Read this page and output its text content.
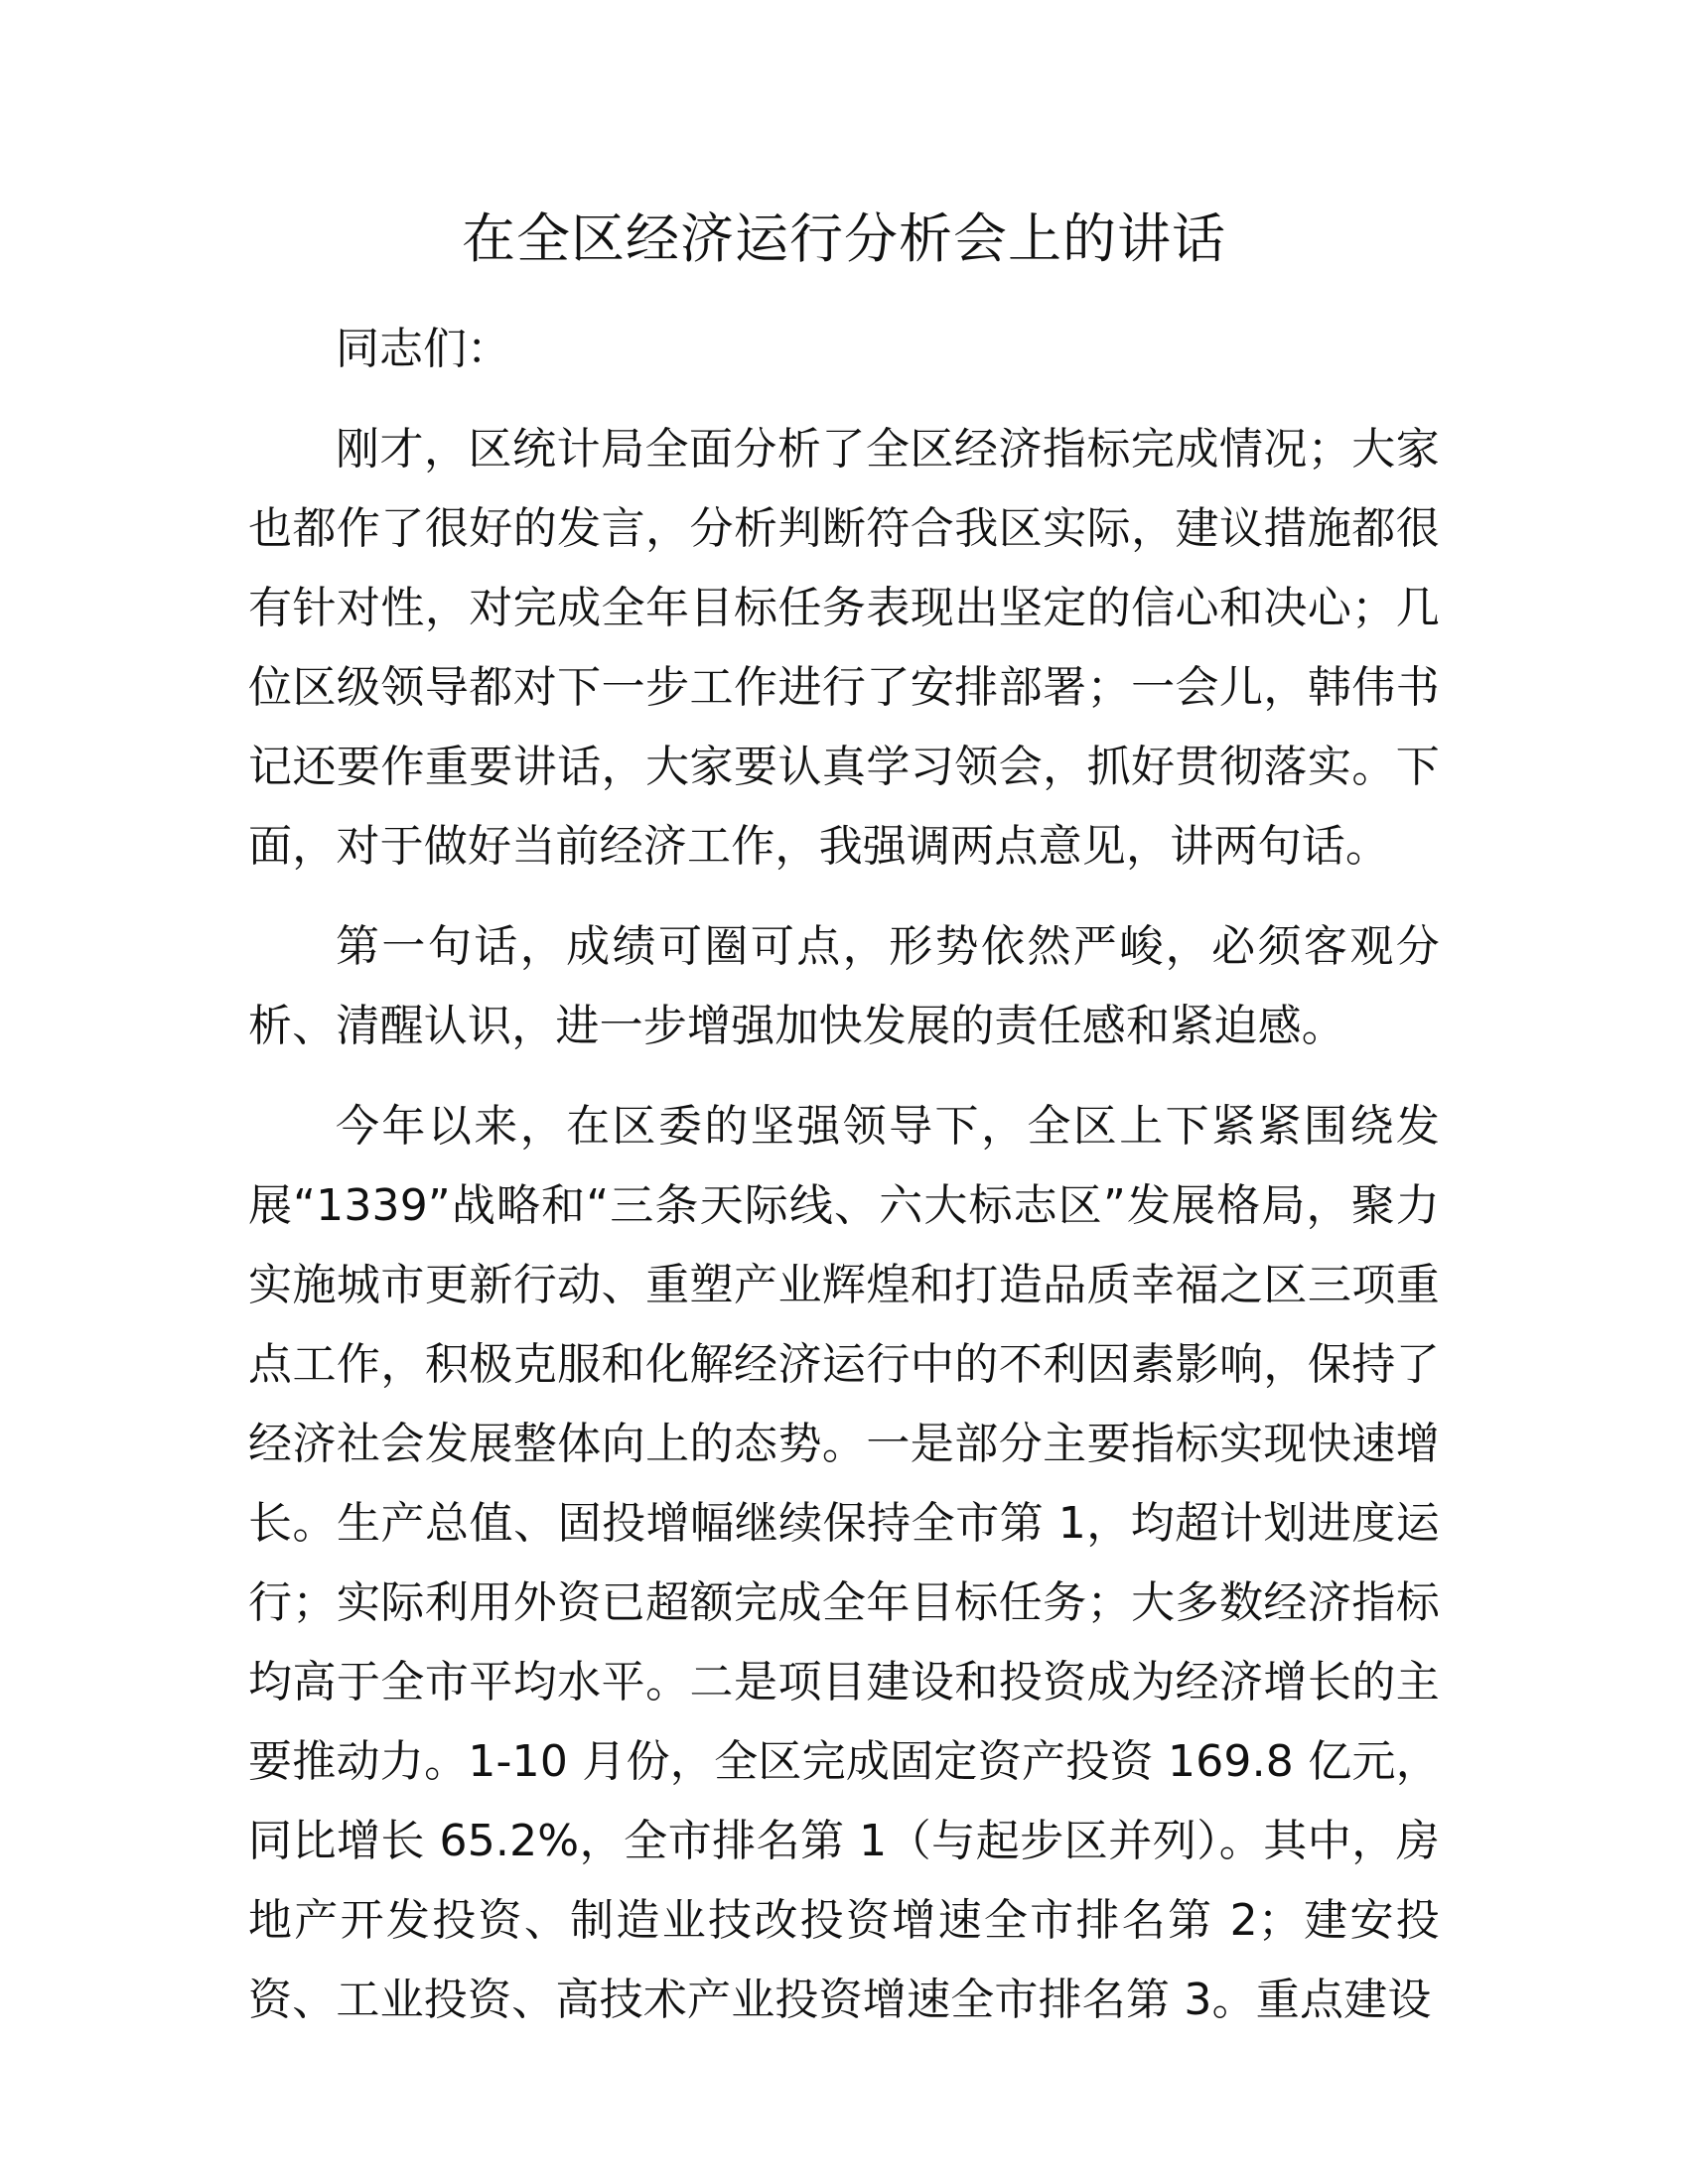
在全区经济运行分析会上的讲话

同志们：

刚才，区统计局全面分析了全区经济指标完成情况；大家也都作了很好的发言，分析判断符合我区实际，建议措施都很有针对性，对完成全年目标任务表现出坚定的信心和决心；几位区级领导都对下一步工作进行了安排部署；一会儿，韩伟书记还要作重要讲话，大家要认真学习领会，抓好贯彻落实。下面，对于做好当前经济工作，我强调两点意见，讲两句话。

第一句话，成绩可圈可点，形势依然严峻，必须客观分析、清醒认识，进一步增强加快发展的责任感和紧迫感。

今年以来，在区委的坚强领导下，全区上下紧紧围绕发展“1339”战略和“三条天际线、六大标志区”发展格局，聚力实施城市更新行动、重塑产业辉煌和打造品质幸福之区三项重点工作，积极克服和化解经济运行中的不利因素影响，保持了经济社会发展整体向上的态势。一是部分主要指标实现快速增长。生产总值、固投增幅继续保持全市第 1，均超计划进度运行；实际利用外资已超额完成全年目标任务；大多数经济指标均高于全市平均水平。二是项目建设和投资成为经济增长的主要推动力。1-10 月份，全区完成固定资产投资 169.8 亿元，同比增长 65.2%，全市排名第 1（与起步区并列）。其中，房地产开发投资、制造业技改投资增速全市排名第 2；建安投资、工业投资、高技术产业投资增速全市排名第 3。重点建设
